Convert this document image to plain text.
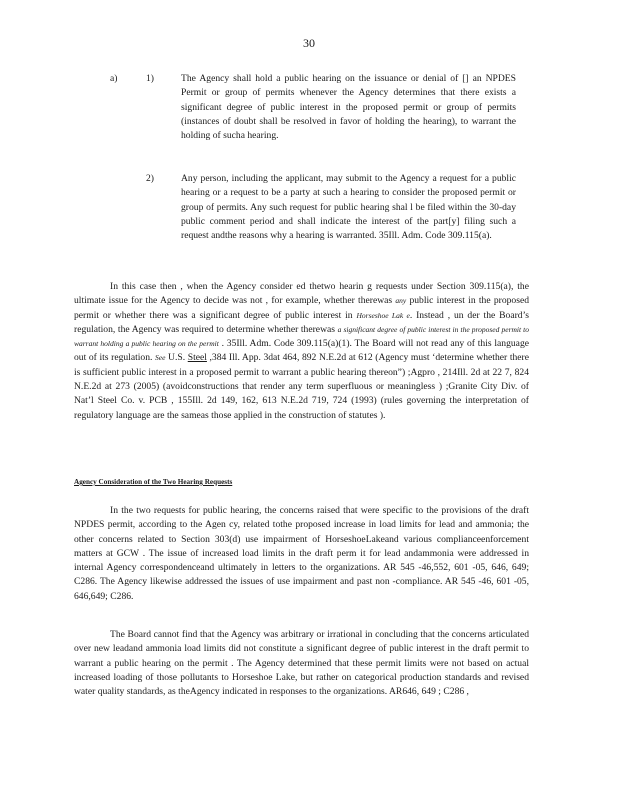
30
a)	1)	The Agency shall hold a public hearing on the issuance or denial of [] an NPDES Permit or group of permits whenever the Agency determines that there exists a significant degree of public interest in the proposed permit or group of permits (instances of doubt shall be resolved in favor of holding the hearing), to warrant the holding of sucha hearing.
2)	Any person, including the applicant, may submit to the Agency a request for a public hearing or a request to be a party at such a hearing to consider the proposed permit or group of permits. Any such request for public hearing shal l be filed within the 30-day public comment period and shall indicate the interest of the part[y] filing such a request andthe reasons why a hearing is warranted. 35Ill. Adm. Code 309.115(a).

In this case then , when the Agency consider ed thetwo hearin g requests under Section 309.115(a), the ultimate issue for the Agency to decide was not , for example, whether therewas any public interest in the proposed permit or whether there was a significant degree of public interest in Horseshoe Lak e. Instead , un der the Board’s regulation, the Agency was required to determine whether therewas a significant degree of public interest in the proposed permit to warrant holding a public hearing on the permit . 35Ill. Adm. Code 309.115(a)(1). The Board will not read any of this language out of its regulation. See U.S. Steel ,384 Ill. App. 3dat 464, 892 N.E.2d at 612 (Agency must ‘determine whether there is sufficient public interest in a proposed permit to warrant a public hearing thereon”) ;Agpro , 214Ill. 2d at 22 7, 824 N.E.2d at 273 (2005) (avoidconstructions that render any term superfluous or meaningless ) ;Granite City Div. of Nat’l Steel Co. v. PCB , 155Ill. 2d 149, 162, 613 N.E.2d 719, 724 (1993) (rules governing the interpretation of regulatory language are the sameas those applied in the construction of statutes ).

Agency Consideration of the Two Hearing Requests

In the two requests for public hearing, the concerns raised that were specific to the provisions of the draft NPDES permit, according to the Agen cy, related tothe proposed increase in load limits for lead and ammonia; the other concerns related to Section 303(d) use impairment of HorseshoeLakeand various complianceenforcement matters at GCW . The issue of increased load limits in the draft perm it for lead andammonia were addressed in internal Agency correspondenceand ultimately in letters to the organizations. AR 545 -46,552, 601 -05, 646, 649; C286. The Agency likewise addressed the issues of use impairment and past non -compliance. AR 545 -46, 601 -05, 646,649; C286.

The Board cannot find that the Agency was arbitrary or irrational in concluding that the concerns articulated over new leadand ammonia load limits did not constitute a significant degree of public interest in the draft permit to warrant a public hearing on the permit . The Agency determined that these permit limits were not based on actual increased loading of those pollutants to Horseshoe Lake, but rather on categorical production standards and revised water quality standards, as theAgency indicated in responses to the organizations. AR646, 649 ; C286 ,
